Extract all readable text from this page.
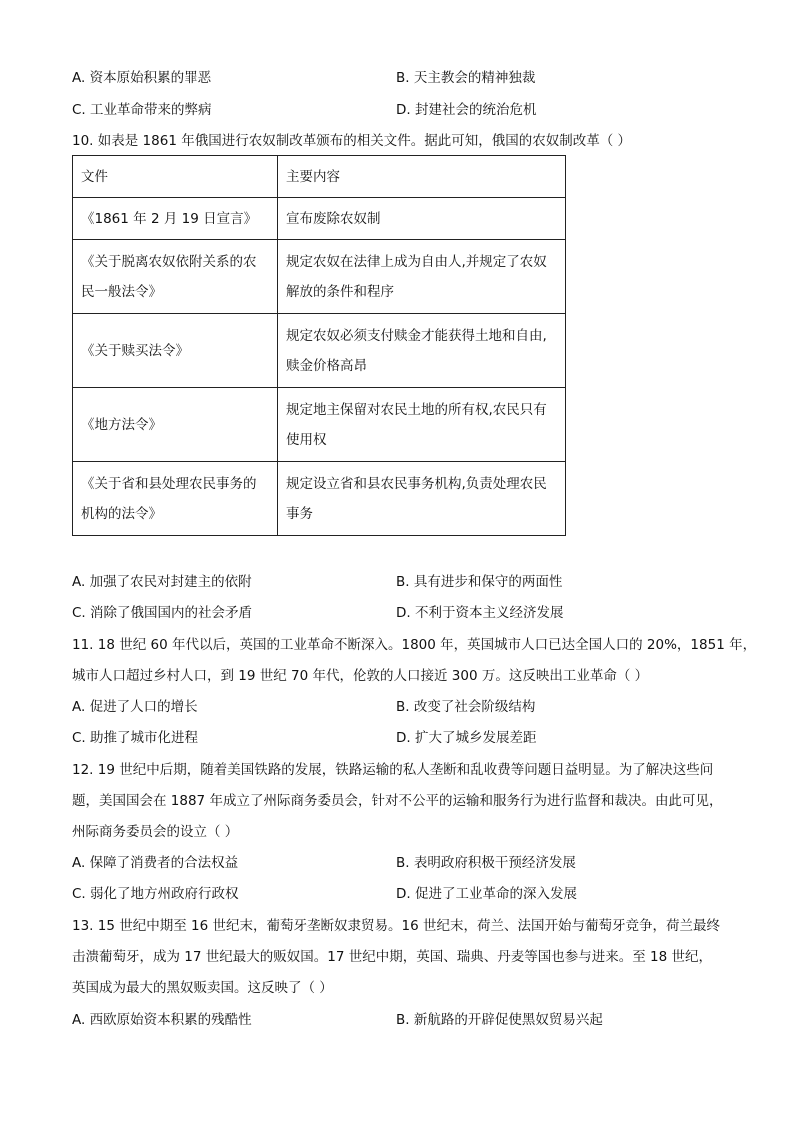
A. 资本原始积累的罪恶	B. 天主教会的精神独裁
C. 工业革命带来的弊病	D. 封建社会的统治危机
10. 如表是 1861 年俄国进行农奴制改革颁布的相关文件。据此可知，俄国的农奴制改革（ ）
文件	主要内容
《1861 年 2 月 19 日宣言》	宣布废除农奴制
《关于脱离农奴依附关系的农民一般法令》	规定农奴在法律上成为自由人,并规定了农奴解放的条件和程序
《关于赎买法令》	规定农奴必须支付赎金才能获得土地和自由,赎金价格高昂
《地方法令》	规定地主保留对农民土地的所有权,农民只有使用权
《关于省和县处理农民事务的机构的法令》	规定设立省和县农民事务机构,负责处理农民事务
A. 加强了农民对封建主的依附	B. 具有进步和保守的两面性
C. 消除了俄国国内的社会矛盾	D. 不利于资本主义经济发展
11. 18 世纪 60 年代以后，英国的工业革命不断深入。1800 年，英国城市人口已达全国人口的 20%，1851 年，
城市人口超过乡村人口，到 19 世纪 70 年代，伦敦的人口接近 300 万。这反映出工业革命（ ）
A. 促进了人口的增长	B. 改变了社会阶级结构
C. 助推了城市化进程	D. 扩大了城乡发展差距
12. 19 世纪中后期，随着美国铁路的发展，铁路运输的私人垄断和乱收费等问题日益明显。为了解决这些问
题，美国国会在 1887 年成立了州际商务委员会，针对不公平的运输和服务行为进行监督和裁决。由此可见，
州际商务委员会的设立（ ）
A. 保障了消费者的合法权益	B. 表明政府积极干预经济发展
C. 弱化了地方州政府行政权	D. 促进了工业革命的深入发展
13. 15 世纪中期至 16 世纪末，葡萄牙垄断奴隶贸易。16 世纪末，荷兰、法国开始与葡萄牙竞争，荷兰最终
击溃葡萄牙，成为 17 世纪最大的贩奴国。17 世纪中期，英国、瑞典、丹麦等国也参与进来。至 18 世纪，
英国成为最大的黑奴贩卖国。这反映了（ ）
A. 西欧原始资本积累的残酷性	B. 新航路的开辟促使黑奴贸易兴起
